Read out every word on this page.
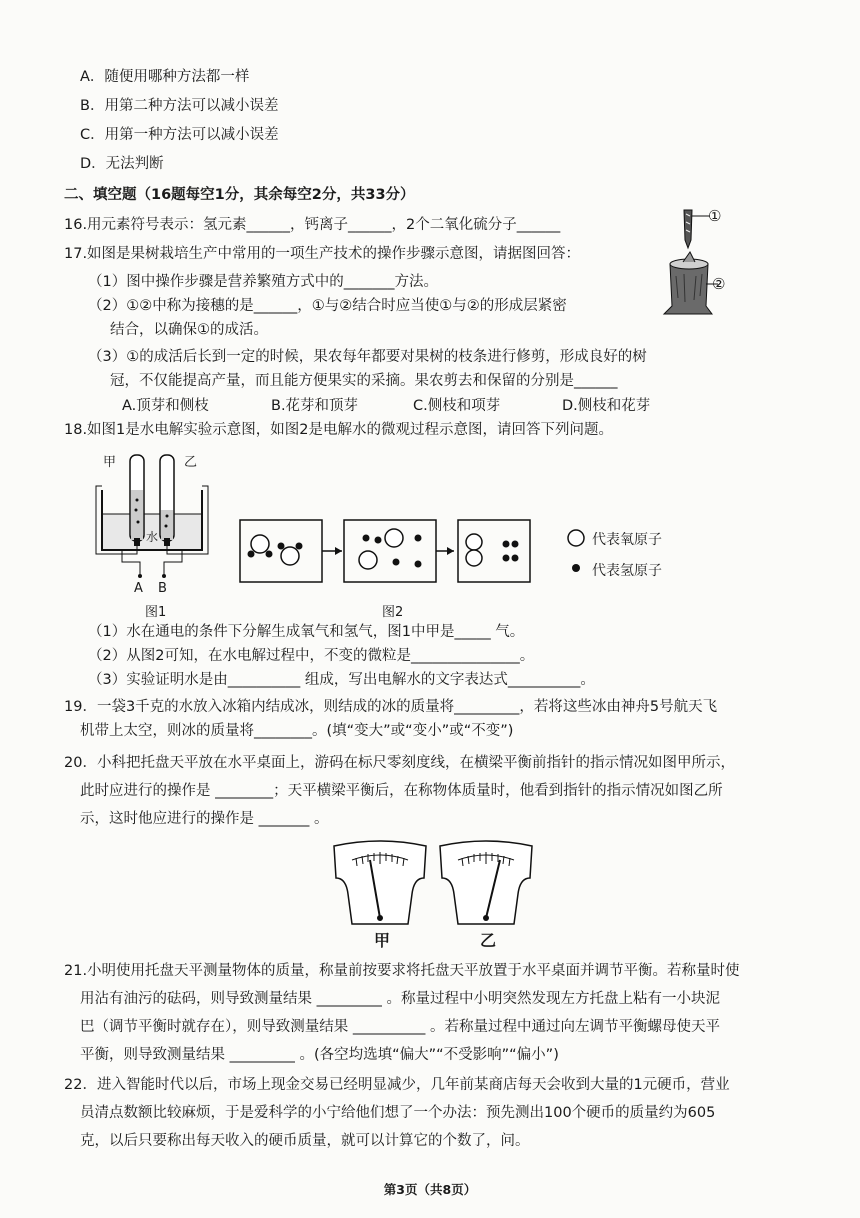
A．随便用哪种方法都一样
B．用第二种方法可以减小误差
C．用第一种方法可以减小误差
D．无法判断
二、填空题（16题每空1分，其余每空2分，共33分）
16.用元素符号表示：氢元素______，钙离子______，2个二氧化硫分子______
17.如图是果树栽培生产中常用的一项生产技术的操作步骤示意图，请据图回答：
（1）图中操作步骤是营养繁殖方式中的_______方法。
（2）①②中称为接穗的是______，①与②结合时应当使①与②的形成层紧密
结合，以确保①的成活。
（3）①的成活后长到一定的时候，果农每年都要对果树的枝条进行修剪，形成良好的树
冠，不仅能提高产量，而且能方便果实的采摘。果农剪去和保留的分别是______
A.顶芽和侧枝	B.花芽和顶芽	C.侧枝和项芽	D.侧枝和花芽
①
②
18.如图1是水电解实验示意图，如图2是电解水的微观过程示意图，请回答下列问题。
甲	乙
水
A B
图1	图2
代表氧原子
代表氢原子
（1）水在通电的条件下分解生成氧气和氢气，图1中甲是_____ 气。
（2）从图2可知，在水电解过程中，不变的微粒是_______________。
（3）实验证明水是由__________ 组成，写出电解水的文字表达式__________。
19．一袋3千克的水放入冰箱内结成冰，则结成的冰的质量将_________，若将这些冰由神舟5号航天飞
机带上太空，则冰的质量将________。(填“变大”或“变小”或“不变”)
20．小科把托盘天平放在水平桌面上，游码在标尺零刻度线，在横梁平衡前指针的指示情况如图甲所示，
此时应进行的操作是 ________；天平横梁平衡后，在称物体质量时，他看到指针的指示情况如图乙所
示，这时他应进行的操作是 _______ 。
甲	乙
21.小明使用托盘天平测量物体的质量，称量前按要求将托盘天平放置于水平桌面并调节平衡。若称量时使
用沾有油污的砝码，则导致测量结果 _________ 。称量过程中小明突然发现左方托盘上粘有一小块泥
巴（调节平衡时就存在），则导致测量结果 __________ 。若称量过程中通过向左调节平衡螺母使天平
平衡，则导致测量结果 _________ 。(各空均选填“偏大”“不受影响”“偏小”)
22．进入智能时代以后，市场上现金交易已经明显减少，几年前某商店每天会收到大量的1元硬币，营业
员清点数额比较麻烦，于是爱科学的小宁给他们想了一个办法：预先测出100个硬币的质量约为605
克，以后只要称出每天收入的硬币质量，就可以计算它的个数了，问。
第3页（共8页）
